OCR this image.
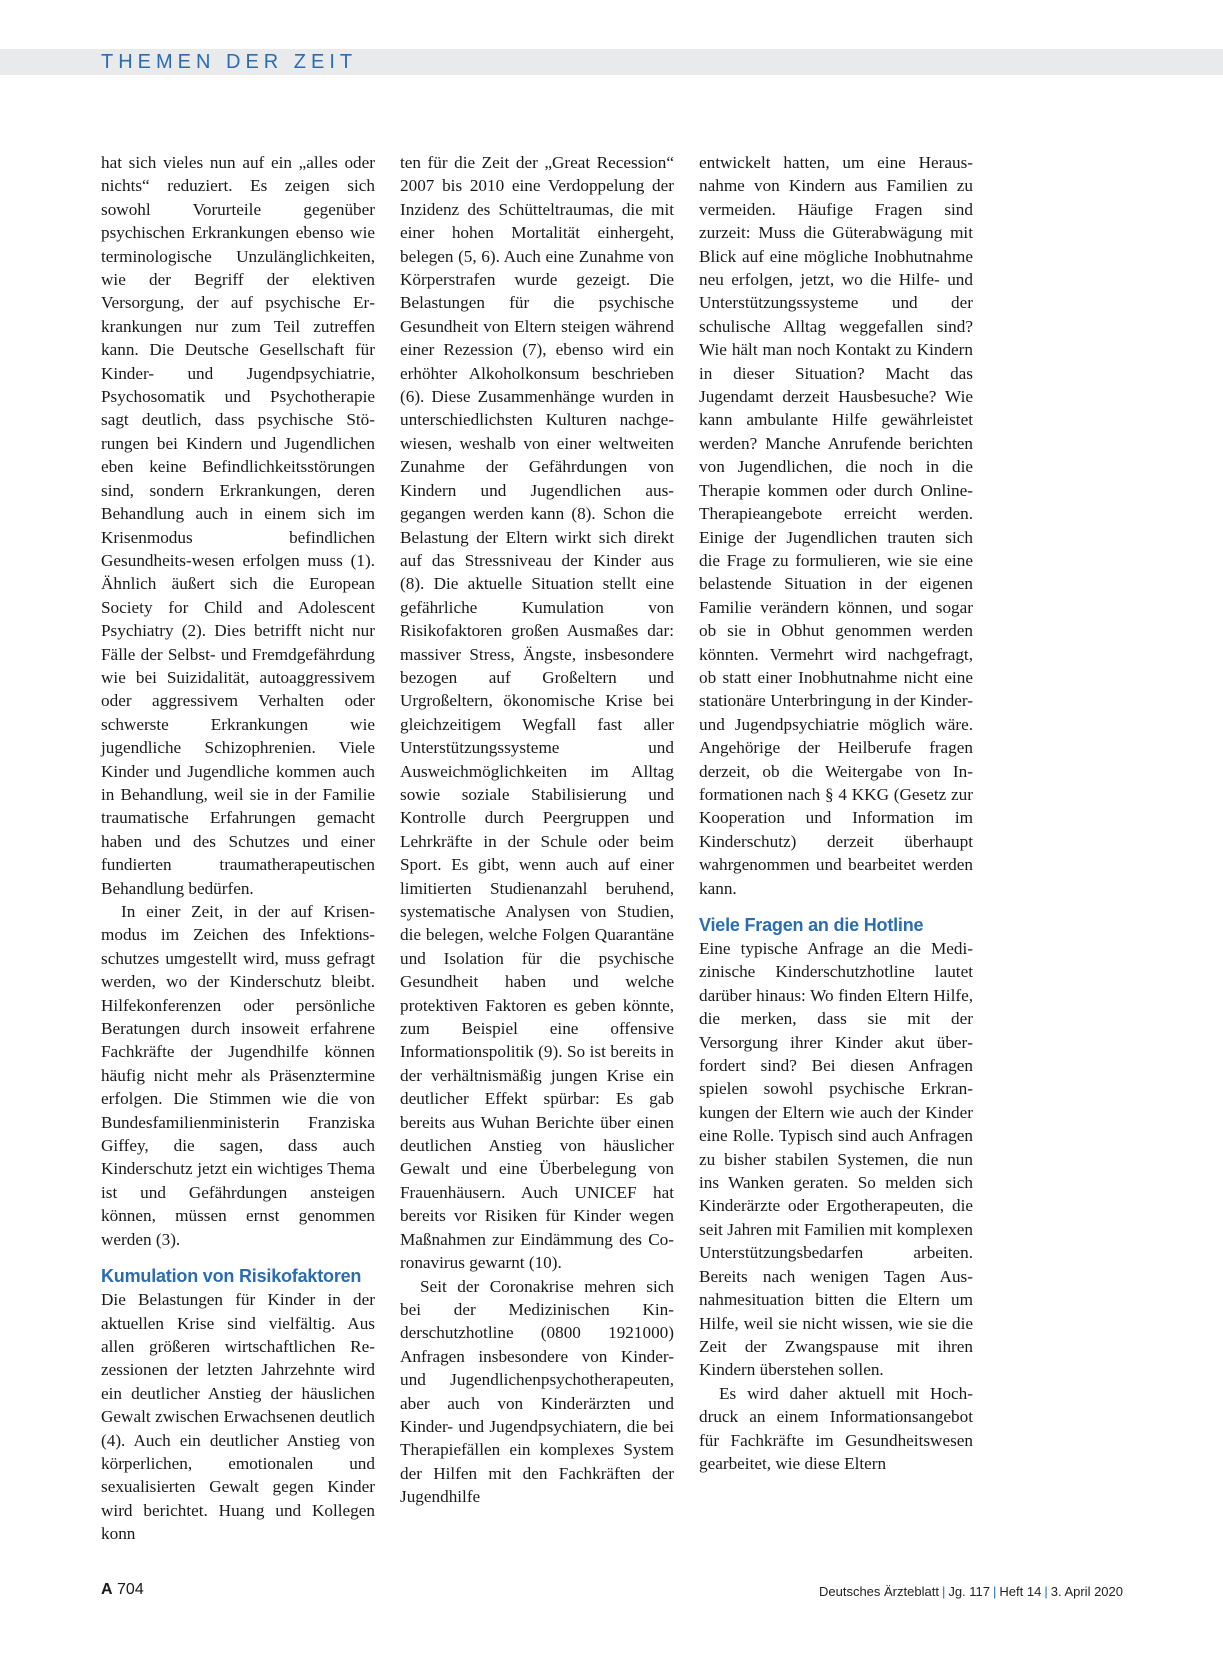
THEMEN DER ZEIT

hat sich vieles nun auf ein „alles oder nichts“ reduziert. Es zeigen sich sowohl Vorurteile gegenüber psychischen Erkrankungen ebenso wie terminologische Unzulänglichkeiten, wie der Begriff der elektiven Versorgung, der auf psychische Erkrankungen nur zum Teil zutreffen kann. Die Deutsche Gesellschaft für Kinder- und Jugendpsychiatrie, Psychosomatik und Psychotherapie sagt deutlich, dass psychische Störungen bei Kindern und Jugendlichen eben keine Befindlichkeitsstörungen sind, sondern Erkrankungen, deren Behandlung auch in einem sich im Krisenmodus befindlichen Gesundheits-wesen erfolgen muss (1). Ähnlich äußert sich die European Society for Child and Adolescent Psychiatry (2). Dies betrifft nicht nur Fälle der Selbst- und Fremdgefährdung wie bei Suizidalität, autoaggressivem oder aggressivem Verhalten oder schwerste Erkrankungen wie jugendliche Schizophrenien. Viele Kinder und Jugendliche kommen auch in Behandlung, weil sie in der Familie traumatische Erfahrungen gemacht haben und des Schutzes und einer fundierten traumatherapeutischen Behandlung bedürfen.

In einer Zeit, in der auf Krisenmodus im Zeichen des Infektionsschutzes umgestellt wird, muss gefragt werden, wo der Kinderschutz bleibt. Hilfekonferenzen oder persönliche Beratungen durch insoweit erfahrene Fachkräfte der Jugendhilfe können häufig nicht mehr als Präsenztermine erfolgen. Die Stimmen wie die von Bundesfamilienministerin Franziska Giffey, die sagen, dass auch Kinderschutz jetzt ein wichtiges Thema ist und Gefährdungen ansteigen können, müssen ernst genommen werden (3).

Kumulation von Risikofaktoren

Die Belastungen für Kinder in der aktuellen Krise sind vielfältig. Aus allen größeren wirtschaftlichen Rezessionen der letzten Jahrzehnte wird ein deutlicher Anstieg der häuslichen Gewalt zwischen Erwachsenen deutlich (4). Auch ein deutlicher Anstieg von körperlichen, emotionalen und sexualisierten Gewalt gegen Kinder wird berichtet. Huang und Kollegen konn

ten für die Zeit der „Great Recession“ 2007 bis 2010 eine Verdoppelung der Inzidenz des Schütteltraumas, die mit einer hohen Mortalität einhergeht, belegen (5, 6). Auch eine Zunahme von Körperstrafen wurde gezeigt. Die Belastungen für die psychische Gesundheit von Eltern steigen während einer Rezession (7), ebenso wird ein erhöhter Alkoholkonsum beschrieben (6). Diese Zusammenhänge wurden in unterschiedlichsten Kulturen nachgewiesen, weshalb von einer weltweiten Zunahme der Gefährdungen von Kindern und Jugendlichen ausgegangen werden kann (8). Schon die Belastung der Eltern wirkt sich direkt auf das Stressniveau der Kinder aus (8). Die aktuelle Situation stellt eine gefährliche Kumulation von Risikofaktoren großen Ausmaßes dar: massiver Stress, Ängste, insbesondere bezogen auf Großeltern und Urgroßeltern, ökonomische Krise bei gleichzeitigem Wegfall fast aller Unterstützungssysteme und Ausweichmöglichkeiten im Alltag sowie soziale Stabilisierung und Kontrolle durch Peergruppen und Lehrkräfte in der Schule oder beim Sport. Es gibt, wenn auch auf einer limitierten Studienanzahl beruhend, systematische Analysen von Studien, die belegen, welche Folgen Quarantäne und Isolation für die psychische Gesundheit haben und welche protektiven Faktoren es geben könnte, zum Beispiel eine offensive Informationspolitik (9). So ist bereits in der verhältnismäßig jungen Krise ein deutlicher Effekt spürbar: Es gab bereits aus Wuhan Berichte über einen deutlichen Anstieg von häuslicher Gewalt und eine Überbelegung von Frauenhäusern. Auch UNICEF hat bereits vor Risiken für Kinder wegen Maßnahmen zur Eindämmung des Coronavirus gewarnt (10).

Seit der Coronakrise mehren sich bei der Medizinischen Kinderschutzhotline (0800 1921000) Anfragen insbesondere von Kinder- und Jugendlichenpsychotherapeuten, aber auch von Kinderärzten und Kinder- und Jugendpsychiatern, die bei Therapiefällen ein komplexes System der Hilfen mit den Fachkräften der Jugendhilfe

entwickelt hatten, um eine Herausnahme von Kindern aus Familien zu vermeiden. Häufige Fragen sind zurzeit: Muss die Güterabwägung mit Blick auf eine mögliche Inobhutnahme neu erfolgen, jetzt, wo die Hilfe- und Unterstützungssysteme und der schulische Alltag weggefallen sind? Wie hält man noch Kontakt zu Kindern in dieser Situation? Macht das Jugendamt derzeit Hausbesuche? Wie kann ambulante Hilfe gewährleistet werden? Manche Anrufende berichten von Jugendlichen, die noch in die Therapie kommen oder durch Online-Therapieangebote erreicht werden. Einige der Jugendlichen trauten sich die Frage zu formulieren, wie sie eine belastende Situation in der eigenen Familie verändern können, und sogar ob sie in Obhut genommen werden könnten. Vermehrt wird nachgefragt, ob statt einer Inobhutnahme nicht eine stationäre Unterbringung in der Kinder- und Jugendpsychiatrie möglich wäre. Angehörige der Heilberufe fragen derzeit, ob die Weitergabe von Informationen nach § 4 KKG (Gesetz zur Kooperation und Information im Kinderschutz) derzeit überhaupt wahrgenommen und bearbeitet werden kann.

Viele Fragen an die Hotline

Eine typische Anfrage an die Medizinische Kinderschutzhotline lautet darüber hinaus: Wo finden Eltern Hilfe, die merken, dass sie mit der Versorgung ihrer Kinder akut überfordert sind? Bei diesen Anfragen spielen sowohl psychische Erkrankungen der Eltern wie auch der Kinder eine Rolle. Typisch sind auch Anfragen zu bisher stabilen Systemen, die nun ins Wanken geraten. So melden sich Kinderärzte oder Ergotherapeuten, die seit Jahren mit Familien mit komplexen Unterstützungsbedarfen arbeiten. Bereits nach wenigen Tagen Ausnahmesituation bitten die Eltern um Hilfe, weil sie nicht wissen, wie sie die Zeit der Zwangspause mit ihren Kindern überstehen sollen.

Es wird daher aktuell mit Hochdruck an einem Informationsangebot für Fachkräfte im Gesundheitswesen gearbeitet, wie diese Eltern

A 704	Deutsches Ärzteblatt | Jg. 117 | Heft 14 | 3. April 2020
